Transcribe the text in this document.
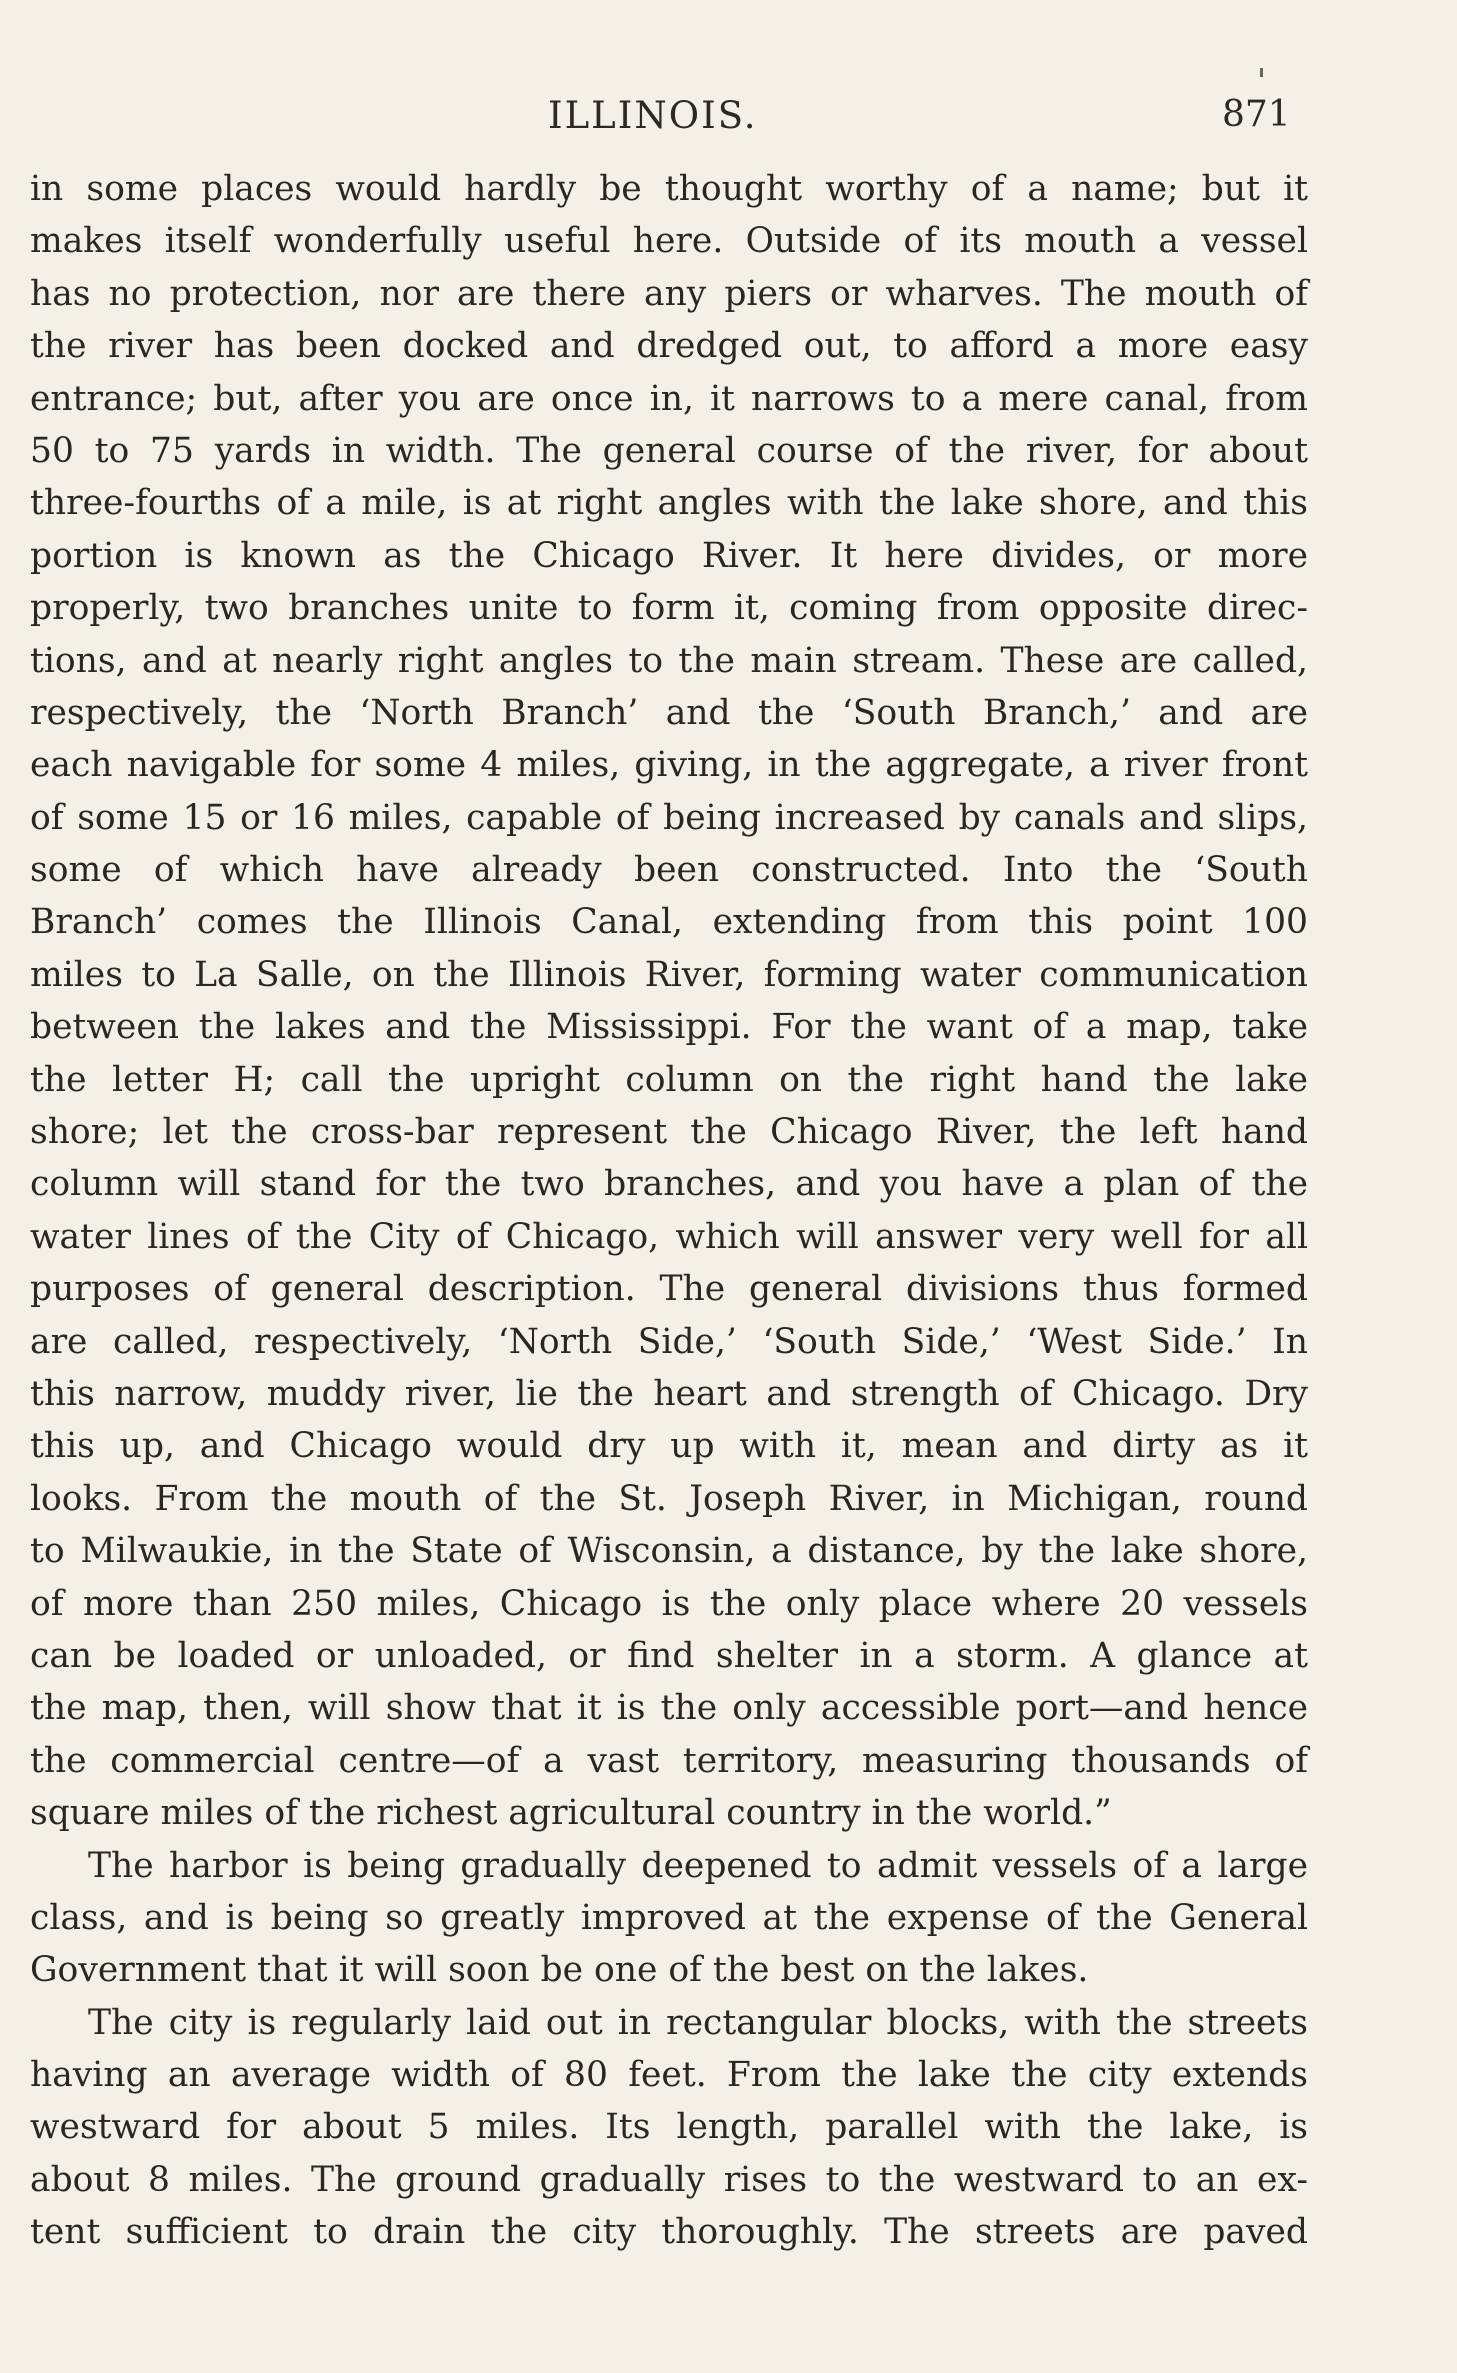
ILLINOIS.	871
in some places would hardly be thought worthy of a name; but it
makes itself wonderfully useful here. Outside of its mouth a vessel
has no protection, nor are there any piers or wharves. The mouth of
the river has been docked and dredged out, to afford a more easy
entrance; but, after you are once in, it narrows to a mere canal, from
50 to 75 yards in width. The general course of the river, for about
three-fourths of a mile, is at right angles with the lake shore, and this
portion is known as the Chicago River. It here divides, or more
properly, two branches unite to form it, coming from opposite direc-
tions, and at nearly right angles to the main stream. These are called,
respectively, the ‘North Branch’ and the ‘South Branch,’ and are
each navigable for some 4 miles, giving, in the aggregate, a river front
of some 15 or 16 miles, capable of being increased by canals and slips,
some of which have already been constructed. Into the ‘South
Branch’ comes the Illinois Canal, extending from this point 100
miles to La Salle, on the Illinois River, forming water communication
between the lakes and the Mississippi. For the want of a map, take
the letter H; call the upright column on the right hand the lake
shore; let the cross-bar represent the Chicago River, the left hand
column will stand for the two branches, and you have a plan of the
water lines of the City of Chicago, which will answer very well for all
purposes of general description. The general divisions thus formed
are called, respectively, ‘North Side,’ ‘South Side,’ ‘West Side.’ In
this narrow, muddy river, lie the heart and strength of Chicago. Dry
this up, and Chicago would dry up with it, mean and dirty as it
looks. From the mouth of the St. Joseph River, in Michigan, round
to Milwaukie, in the State of Wisconsin, a distance, by the lake shore,
of more than 250 miles, Chicago is the only place where 20 vessels
can be loaded or unloaded, or find shelter in a storm. A glance at
the map, then, will show that it is the only accessible port—and hence
the commercial centre—of a vast territory, measuring thousands of
square miles of the richest agricultural country in the world.”
The harbor is being gradually deepened to admit vessels of a large
class, and is being so greatly improved at the expense of the General
Government that it will soon be one of the best on the lakes.
The city is regularly laid out in rectangular blocks, with the streets
having an average width of 80 feet. From the lake the city extends
westward for about 5 miles. Its length, parallel with the lake, is
about 8 miles. The ground gradually rises to the westward to an ex-
tent sufficient to drain the city thoroughly. The streets are paved
